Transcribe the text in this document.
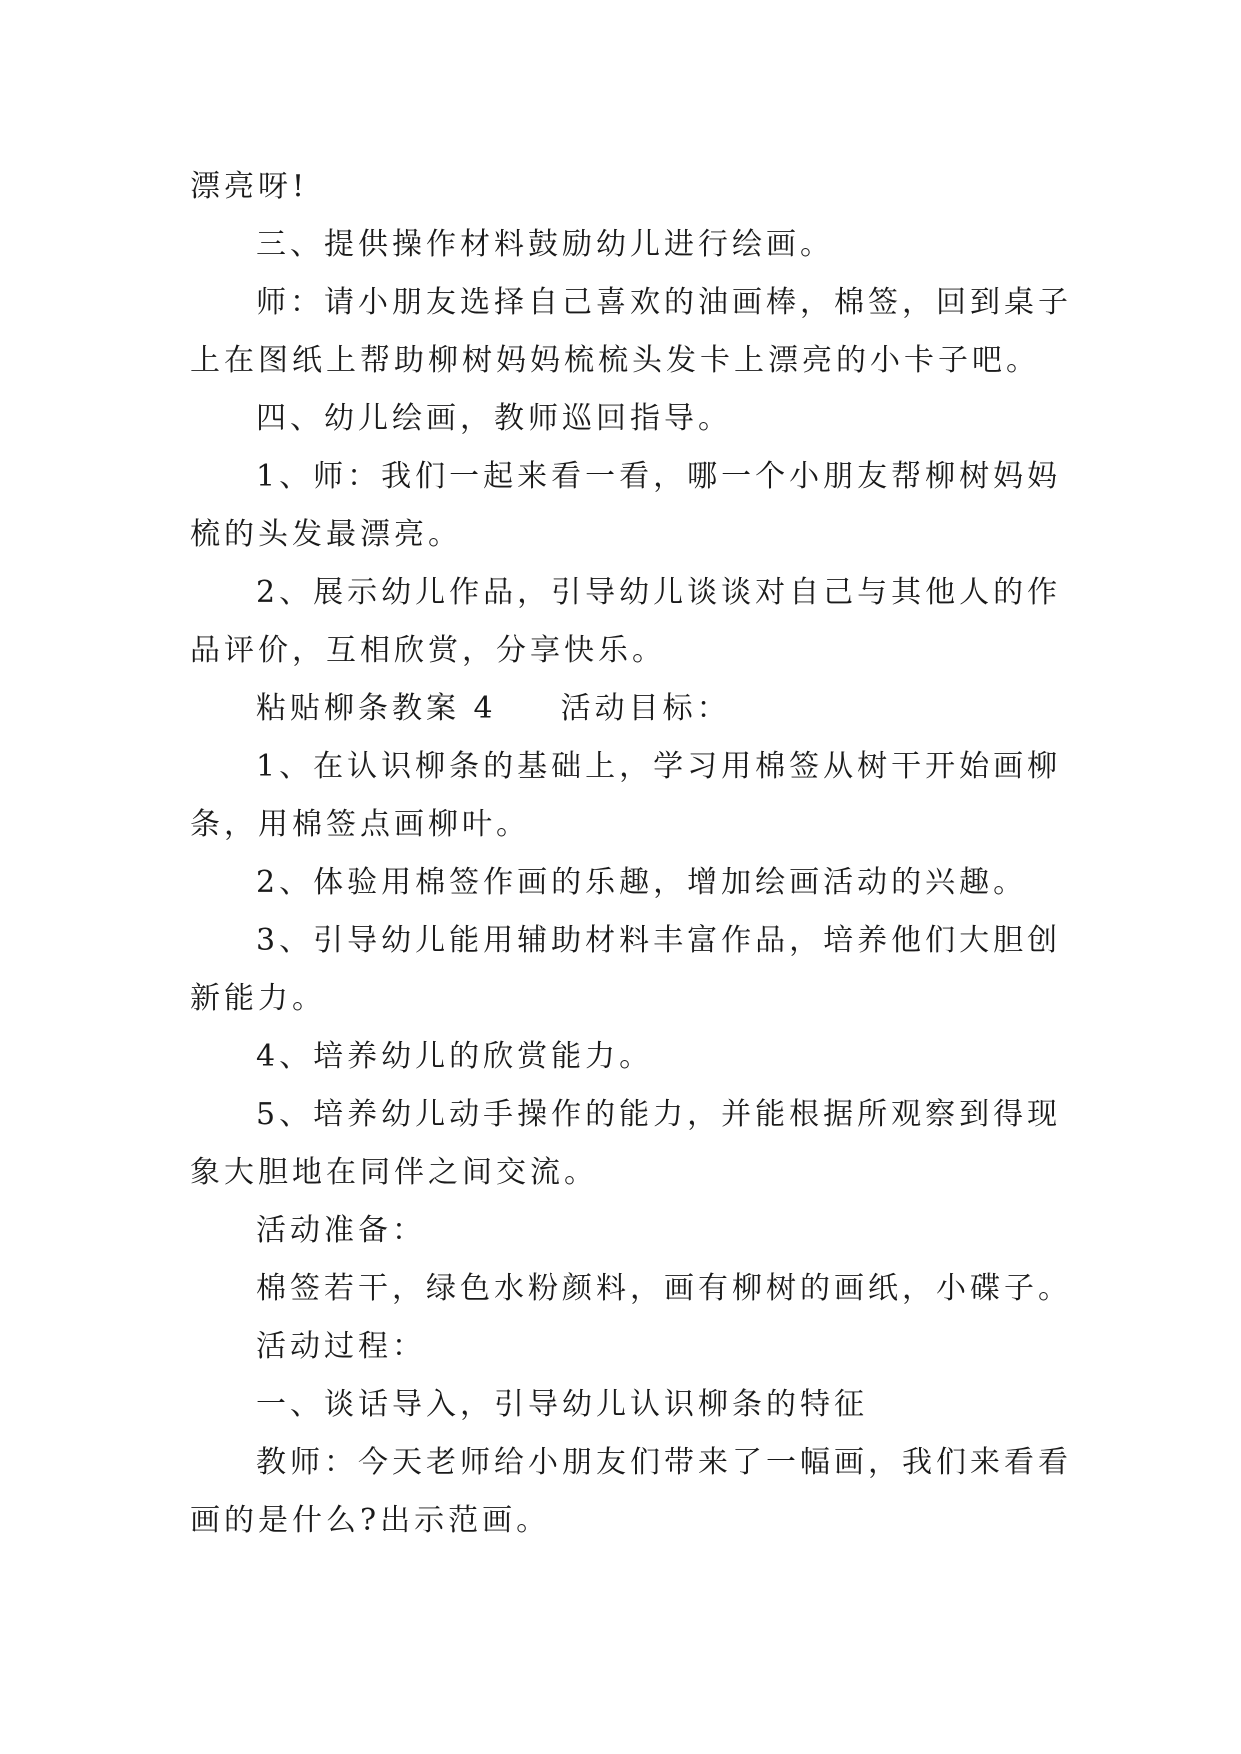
漂亮呀!
三、提供操作材料鼓励幼儿进行绘画。
师：请小朋友选择自己喜欢的油画棒，棉签，回到桌子
上在图纸上帮助柳树妈妈梳梳头发卡上漂亮的小卡子吧。
四、幼儿绘画，教师巡回指导。
1、师：我们一起来看一看，哪一个小朋友帮柳树妈妈
梳的头发最漂亮。
2、展示幼儿作品，引导幼儿谈谈对自己与其他人的作
品评价，互相欣赏，分享快乐。
粘贴柳条教案 4 活动目标：
1、在认识柳条的基础上，学习用棉签从树干开始画柳
条，用棉签点画柳叶。
2、体验用棉签作画的乐趣，增加绘画活动的兴趣。
3、引导幼儿能用辅助材料丰富作品，培养他们大胆创
新能力。
4、培养幼儿的欣赏能力。
5、培养幼儿动手操作的能力，并能根据所观察到得现
象大胆地在同伴之间交流。
活动准备：
棉签若干，绿色水粉颜料，画有柳树的画纸，小碟子。
活动过程：
一、谈话导入，引导幼儿认识柳条的特征
教师：今天老师给小朋友们带来了一幅画，我们来看看
画的是什么?出示范画。
